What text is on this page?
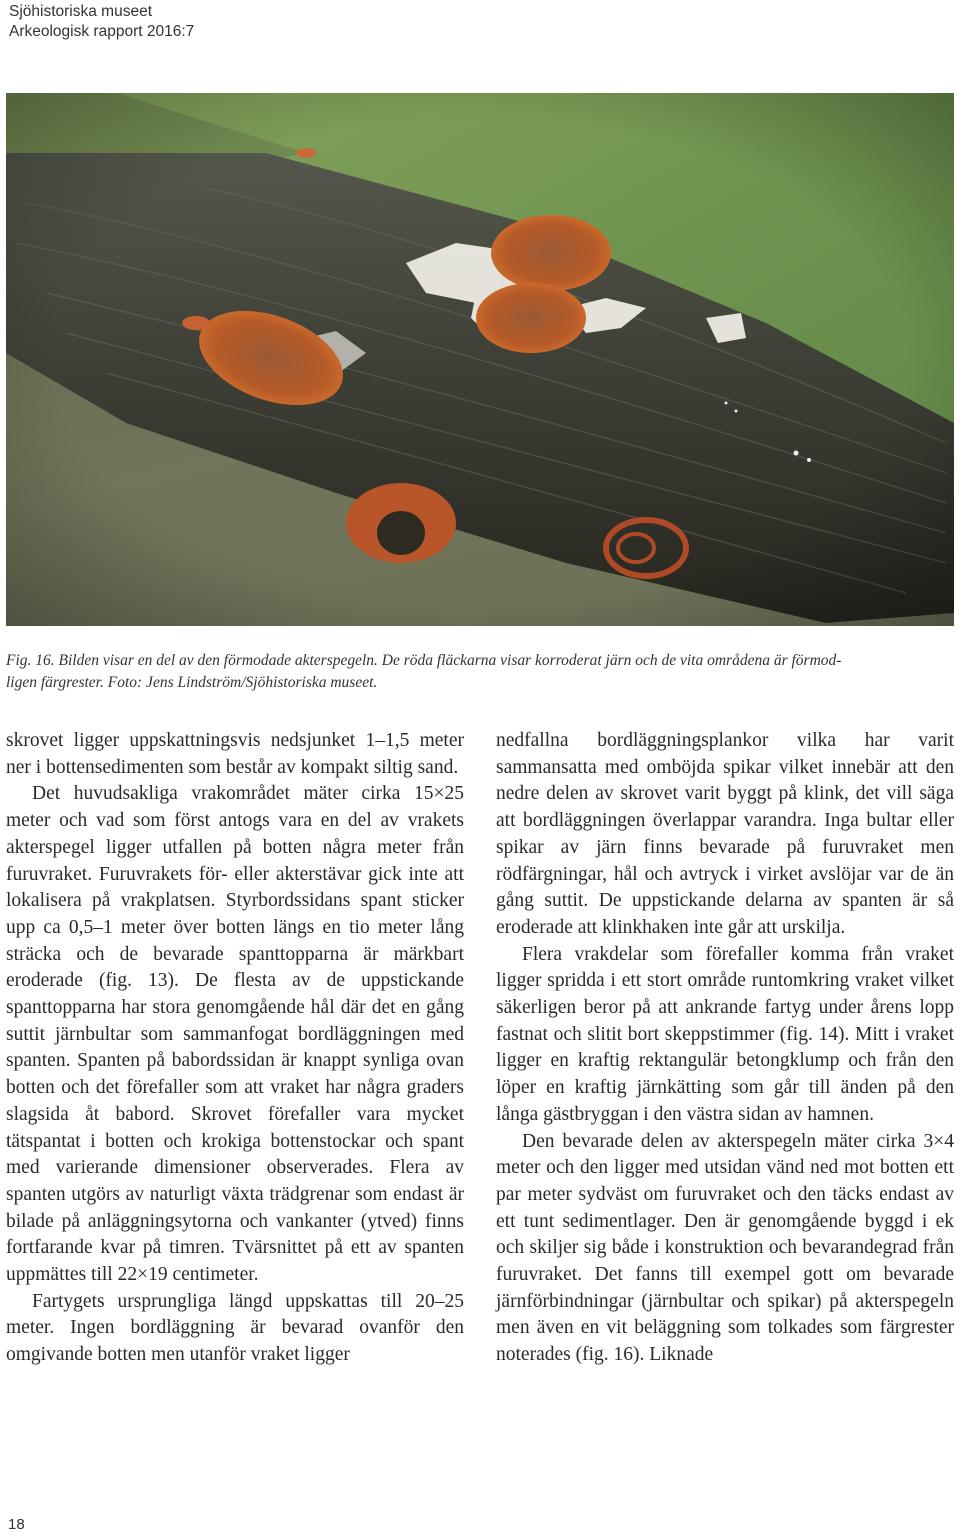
Sjöhistoriska museet
Arkeologisk rapport 2016:7

Fig. 16. Bilden visar en del av den förmodade akterspegeln. De röda fläckarna visar korroderat järn och de vita områdena är förmod-

ligen färgrester. Foto: Jens Lindström/Sjöhistoriska museet.

skrovet ligger uppskattningsvis nedsjunket 1–1,5 meter ner i bottensedimenten som består av kompakt siltig sand.

Det huvudsakliga vrakområdet mäter cirka 15×25 meter och vad som först antogs vara en del av vrakets akterspegel ligger utfallen på botten några meter från furuvraket. Furuvrakets för- eller akterstävar gick inte att lokalisera på vrakplatsen. Styrbordssidans spant sticker upp ca 0,5–1 meter över botten längs en tio meter lång sträcka och de bevarade spanttopparna är märkbart eroderade (fig. 13). De flesta av de uppstickande spanttopparna har stora genomgående hål där det en gång suttit järnbultar som sammanfogat bordläggningen med spanten. Spanten på babordssidan är knappt synliga ovan botten och det förefaller som att vraket har några graders slagsida åt babord. Skrovet förefaller vara mycket tätspantat i botten och krokiga bottenstockar och spant med varierande dimensioner observerades. Flera av spanten utgörs av naturligt växta trädgrenar som endast är bilade på anläggningsytorna och vankanter (ytved) finns fortfarande kvar på timren. Tvärsnittet på ett av spanten uppmättes till 22×19 centimeter.

Fartygets ursprungliga längd uppskattas till 20–25 meter. Ingen bordläggning är bevarad ovanför den omgivande botten men utanför vraket ligger

nedfallna bordläggningsplankor vilka har varit sammansatta med omböjda spikar vilket innebär att den nedre delen av skrovet varit byggt på klink, det vill säga att bordläggningen överlappar varandra. Inga bultar eller spikar av järn finns bevarade på furuvraket men rödfärgningar, hål och avtryck i virket avslöjar var de än gång suttit. De uppstickande delarna av spanten är så eroderade att klinkhaken inte går att urskilja.

Flera vrakdelar som förefaller komma från vraket ligger spridda i ett stort område runtomkring vraket vilket säkerligen beror på att ankrande fartyg under årens lopp fastnat och slitit bort skeppstimmer (fig. 14). Mitt i vraket ligger en kraftig rektangulär betongklump och från den löper en kraftig järnkätting som går till änden på den långa gästbryggan i den västra sidan av hamnen.

Den bevarade delen av akterspegeln mäter cirka 3×4 meter och den ligger med utsidan vänd ned mot botten ett par meter sydväst om furuvraket och den täcks endast av ett tunt sedimentlager. Den är genomgående byggd i ek och skiljer sig både i konstruktion och bevarandegrad från furuvraket. Det fanns till exempel gott om bevarade järnförbindningar (järnbultar och spikar) på akterspegeln men även en vit beläggning som tolkades som färgrester noterades (fig. 16). Liknade

18
